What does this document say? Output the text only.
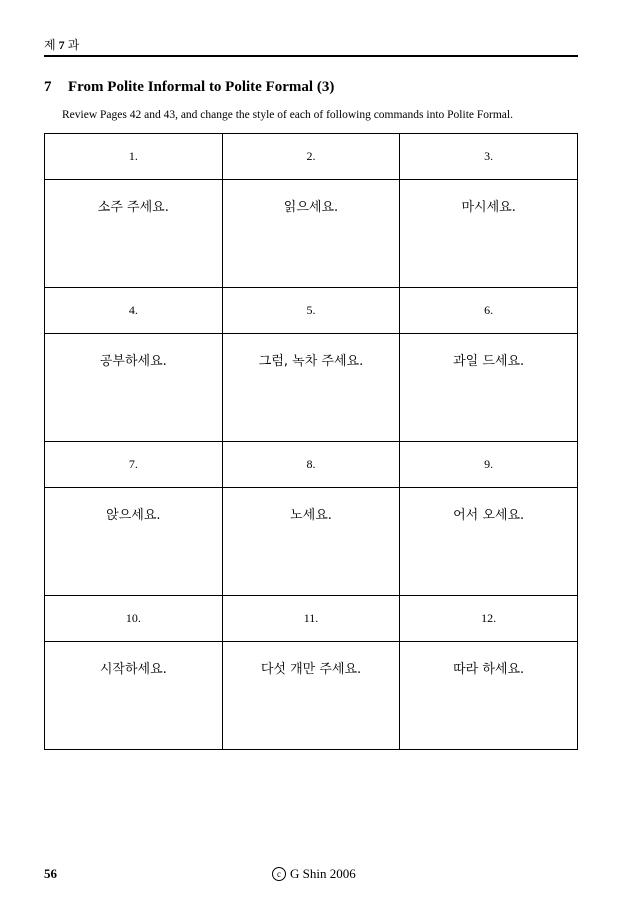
제 7 과
7 From Polite Informal to Polite Formal (3)
Review Pages 42 and 43, and change the style of each of following commands into Polite Formal.
1.	2.	3.
소주 주세요.	읽으세요.	마시세요.
4.	5.	6.
공부하세요.	그럼, 녹차 주세요.	과일 드세요.
7.	8.	9.
앉으세요.	노세요.	어서 오세요.
10.	11.	12.
시작하세요.	다섯 개만 주세요.	따라 하세요.
56	c G Shin 2006
